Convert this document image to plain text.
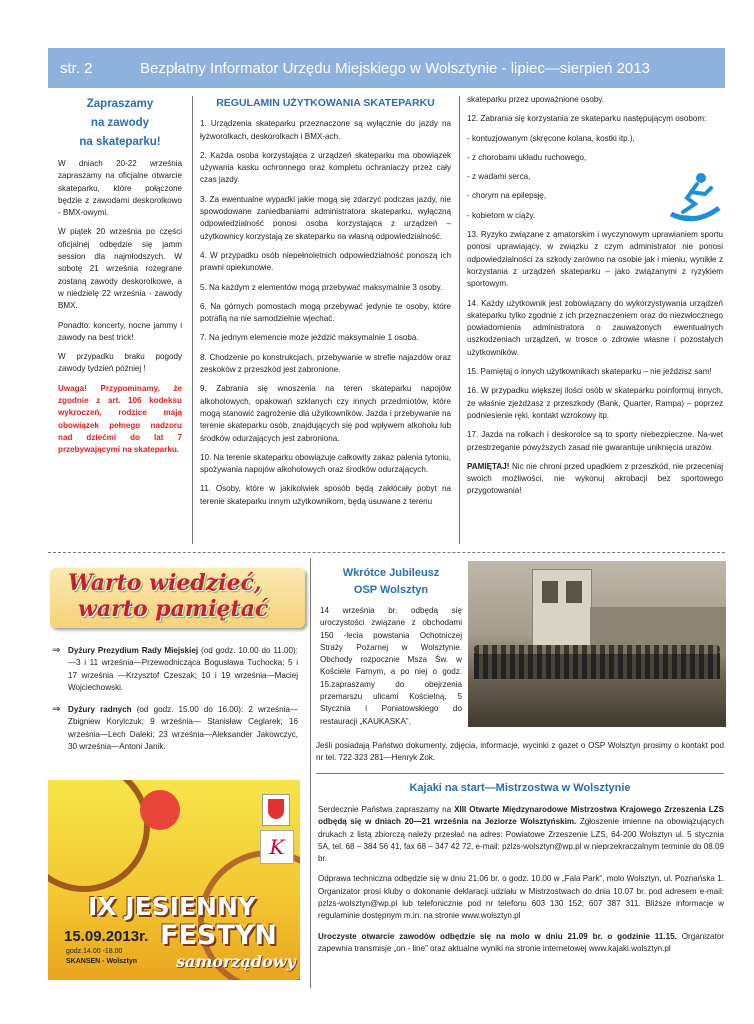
str. 2	Bezpłatny Informator Urzędu Miejskiego w Wolsztynie - lipiec—sierpień 2013
Zapraszamy
na zawody
na skateparku!

W dniach 20-22 września zapraszamy na oficjalne otwarcie skateparku, które połączone będzie z zawodami deskorolkowo - BMX-owymi.

W piątek 20 września po części oficjalnej odbędzie się jamm session dla najmłodszych. W sobotę 21 września rozegrane zostaną zawody deskorolkowe, a w niedzielę 22 września - zawody BMX.

Ponadto: koncerty, nocne jammy i zawody na best trick!

W przypadku braku pogody zawody tydzień później !

Uwaga! Przypominamy, że zgodnie z art. 106 kodeksu wykroczeń, rodzice mają obowiązek pełnego nadzoru nad dziećmi do lat 7 przebywającymi na skateparku.

REGULAMIN UŻYTKOWANIA SKATEPARKU

1. Urządzenia skateparku przeznaczone są wyłącznie do jazdy na łyżworolkach, deskorolkach i BMX-ach.

2. Każda osoba korzystająca z urządzeń skateparku ma obowiązek używania kasku ochronnego oraz kompletu ochraniaczy przez cały czas jazdy.

3. Za ewentualne wypadki jakie mogą się zdarzyć podczas jazdy, nie spowodowane zaniedbaniami administratora skateparku, wyłączną odpowiedzialność ponosi osoba korzystająca z urządzeń – użytkownicy korzystają ze skateparku na własną odpowiedzialność.

4. W przypadku osób niepełnoletnich odpowiedzialność ponoszą ich prawni opiekunowie.

5. Na każdym z elementów mogą przebywać maksymalnie 3 osoby.

6. Na górnych pomostach mogą przebywać jedynie te osoby, które potrafią na nie samodzielnie wjechać.

7. Na jednym elemencie może jeździć maksymalnie 1 osoba.

8. Chodzenie po konstrukcjach, przebywanie w strefie najazdów oraz zeskoków z przeszkód jest zabronione.

9. Zabrania się wnoszenia na teren skateparku napojów alkoholowych, opakowań szklanych czy innych przedmiotów, które mogą stanowić zagrożenie dla użytkowników. Jazda i przebywanie na terenie skateparku osób, znajdujących się pod wpływem alkoholu lub środków odurzających jest zabroniona.

10. Na terenie skateparku obowiązuje całkowity zakaz palenia tytoniu, spożywania napojów alkoholowych oraz środków odurzających.

11. Osoby, które w jakikolwiek sposób będą zakłócały pobyt na terenie skateparku innym użytkownikom, będą usuwane z terenu

skateparku przez upoważnione osoby.

12. Zabrania się korzystania ze skateparku następującym osobom:

- kontuzjowanym (skręcone kolana, kostki itp.),

- z chorobami układu ruchowego,

- z wadami serca,

- chorym na epilepsję,

- kobietom w ciąży.

13. Ryzyko związane z amatorskim i wyczynowym uprawianiem sportu ponosi uprawiający, w związku z czym administrator nie ponosi odpowiedzialności za szkody zarówno na osobie jak i mieniu, wynikłe z korzystania z urządzeń skateparku – jako związanymi z ryzykiem sportowym.

14. Każdy użytkownik jest zobowiązany do wykorzystywania urządzeń skateparku tylko zgodnie z ich przeznaczeniem oraz do niezwłocznego powiadomienia administratora o zauważonych ewentualnych uszkodzeniach urządzeń, w trosce o zdrowie własne i pozostałych użytkowników.

15. Pamiętaj o innych użytkownikach skateparku – nie jeździsz sam!

16. W przypadku większej ilości osób w skateparku poinformuj innych, że właśnie zjeżdżasz z przeszkody (Bank, Quarter, Rampa) – poprzez podniesienie ręki, kontakt wzrokowy itp.

17. Jazda na rolkach i deskorolce są to sporty niebezpieczne. Na-wet przestrzeganie powyższych zasad nie gwarantuje uniknięcia urazów.

PAMIĘTAJ! Nic nie chroni przed upadkiem z przeszkód, nie przeceniaj swoich możliwości, nie wykonuj akrobacji bez sportowego przygotowania!

Warto wiedzieć,
warto pamiętać
⇒ Dyżury Prezydium Rady Miejskiej (od godz. 10.00 do 11.00): —3 i 11 września—Przewodnicząca Bogusława Tuchocka; 5 i 17 września —Krzysztof Czeszak; 10 i 19 września—Maciej Wojciechowski.

⇒ Dyżury radnych (od godz. 15.00 do 16.00): 2 września—Zbigniew Korylczuk; 9 września— Stanisław Ceglarek; 16 września—Lech Daleki; 23 września—Aleksander Jakowczyc, 30 września—Antoni Janik.

K
IX JESIENNY
FESTYN
samorządowy
15.09.2013r.
godz.14.00 -18.00
SKANSEN - Wolsztyn
Wkrótce Jubileusz
OSP Wolsztyn
14 września br. odbędą się uroczystości związane z obchodami 150 -lecia powstania Ochotniczej Straży Pożarnej w Wolsztynie. Obchody rozpocznie Msza Św. w Kościele Farnym, a po niej o godz. 15.zapraszamy do obejrzenia przemarszu ulicami Kościelną, 5 Stycznia i Poniatowskiego do restauracji „KAUKASKA”.
Jeśli posiadają Państwo dokumenty, zdjęcia, informacje, wycinki z gazet o OSP Wolsztyn prosimy o kontakt pod nr tel. 722 323 281—Henryk Żok.
Kajaki na start—Mistrzostwa w Wolsztynie

Serdecznie Państwa zapraszamy na XIII Otwarte Międzynarodowe Mistrzostwa Krajowego Zrzeszenia LZS odbędą się w dniach 20—21 września na Jeziorze Wolsztyńskim. Zgłoszenie imienne na obowiązujących drukach z listą zbiorczą należy przesłać na adres: Powiatowe Zrzeszenie LZS, 64-200 Wolsztyn ul. 5 stycznia 5A, tel. 68 – 384 56 41, fax 68 – 347 42 72, e-mail: pzlzs-wolsztyn@wp.pl w nieprzekraczalnym terminie do 08.09 br.

Odprawa techniczna odbędzie się w dniu 21.06 br. o godz. 10.00 w „Fala Park”, molo Wolsztyn, ul. Poznańska 1. Organizator prosi kluby o dokonanie deklaracji udziału w Mistrzostwach do dnia 10.07 br. pod adresem e-mail: pzlzs-wolsztyn@wp.pl lub telefonicznie pod nr telefonu 603 130 152; 607 387 311. Bliższe informacje w regulaminie dostępnym m.in. na stronie www.wolsztyn.pl

Uroczyste otwarcie zawodów odbędzie się na molo w dniu 21.09 br. o godzinie 11.15. Organizator zapewnia transmisje „on - line” oraz aktualne wyniki na stronie internetowej www.kajaki.wolsztyn.pl
